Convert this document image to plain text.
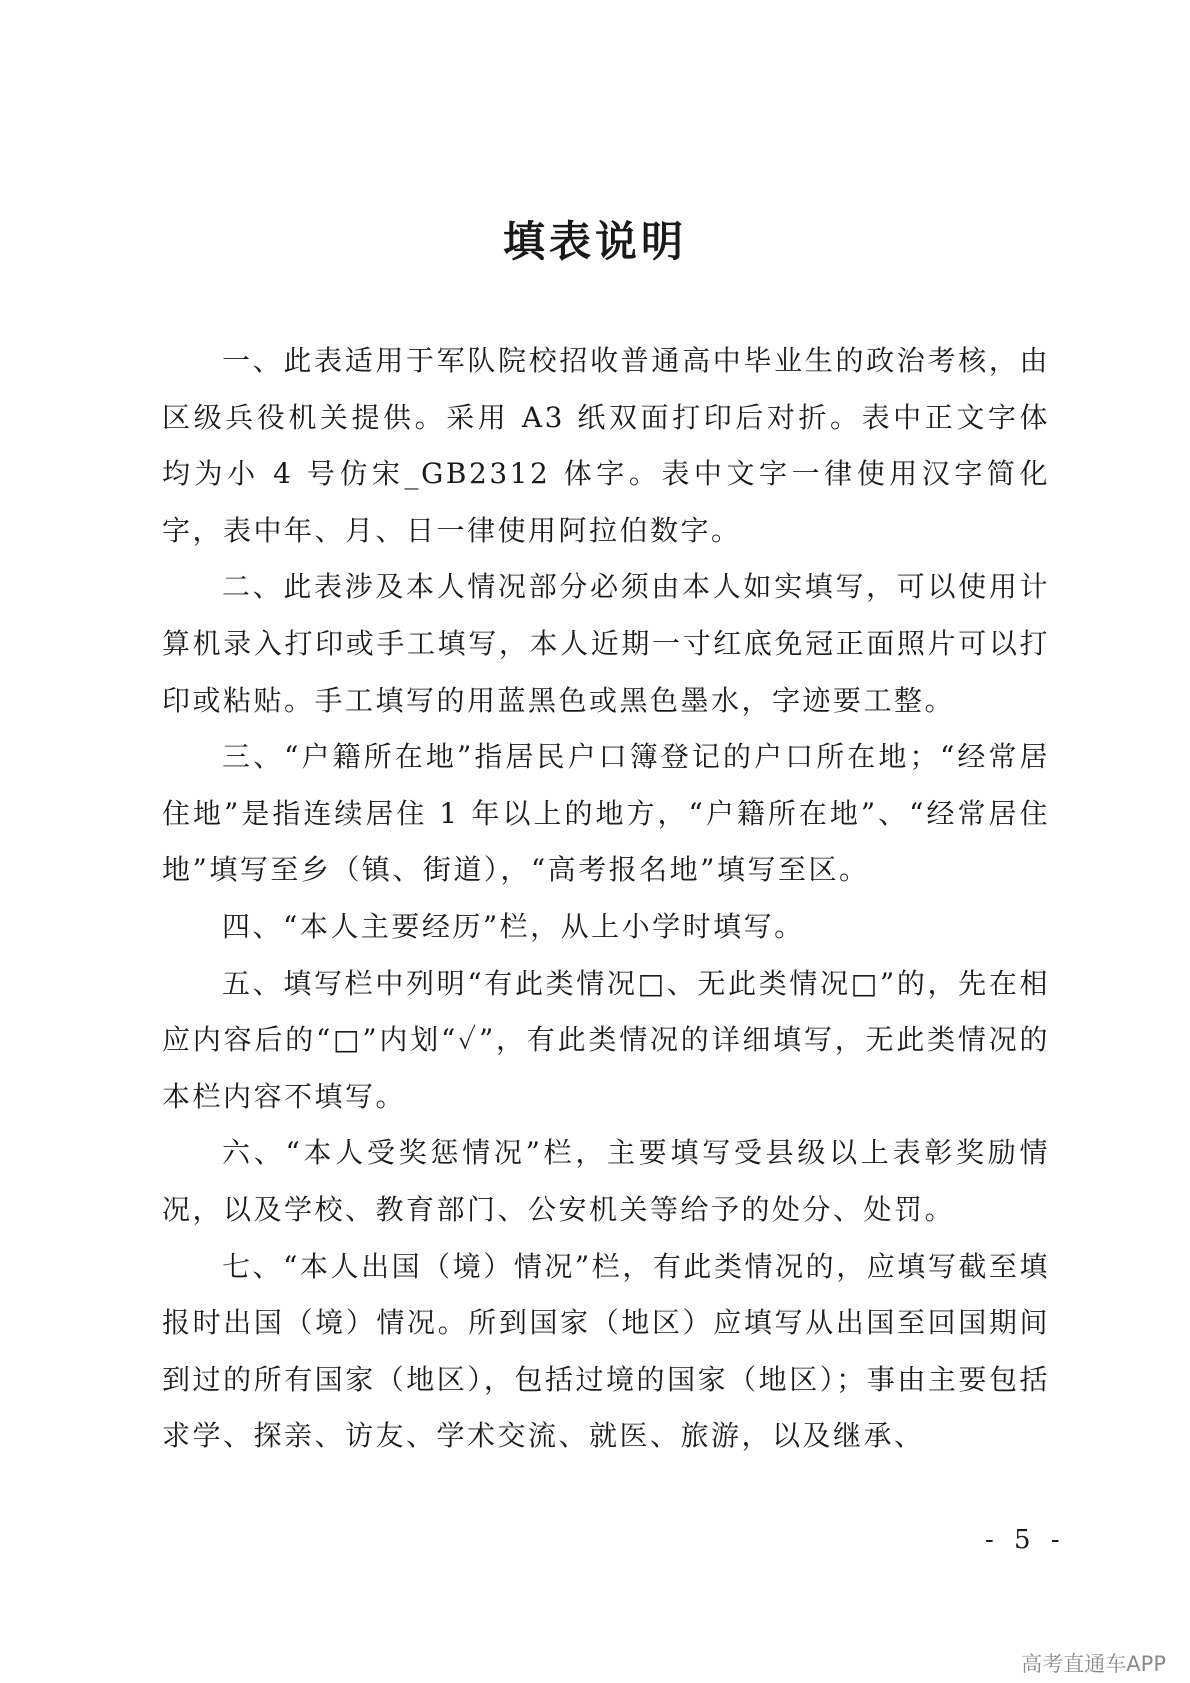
填表说明

一、此表适用于军队院校招收普通高中毕业生的政治考核，由区级兵役机关提供。采用 A3 纸双面打印后对折。表中正文字体均为小 4 号仿宋_GB2312 体字。表中文字一律使用汉字简化字，表中年、月、日一律使用阿拉伯数字。

二、此表涉及本人情况部分必须由本人如实填写，可以使用计算机录入打印或手工填写，本人近期一寸红底免冠正面照片可以打印或粘贴。手工填写的用蓝黑色或黑色墨水，字迹要工整。

三、“户籍所在地”指居民户口簿登记的户口所在地；“经常居住地”是指连续居住 1 年以上的地方，“户籍所在地”、“经常居住地”填写至乡（镇、街道），“高考报名地”填写至区。

四、“本人主要经历”栏，从上小学时填写。

五、填写栏中列明“有此类情况□、无此类情况□”的，先在相应内容后的“□”内划“✓”，有此类情况的详细填写，无此类情况的本栏内容不填写。

六、“本人受奖惩情况”栏，主要填写受县级以上表彰奖励情况，以及学校、教育部门、公安机关等给予的处分、处罚。

七、“本人出国（境）情况”栏，有此类情况的，应填写截至填报时出国（境）情况。所到国家（地区）应填写从出国至回国期间到过的所有国家（地区），包括过境的国家（地区）；事由主要包括求学、探亲、访友、学术交流、就医、旅游，以及继承、

- 5 -

高考直通车APP
